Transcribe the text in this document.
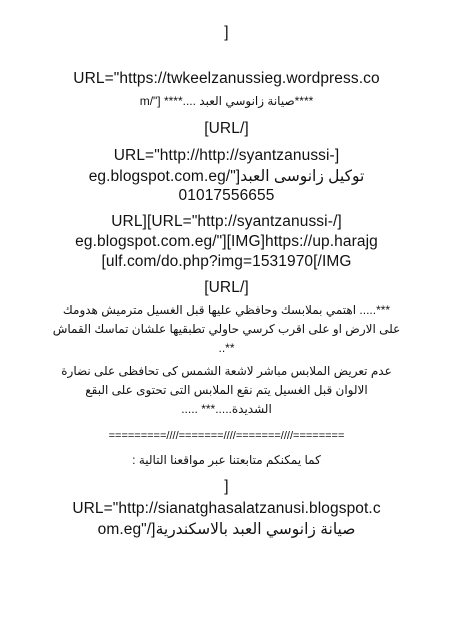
]
URL="https://twkeelzanussieg.wordpress.co
****صيانة زانوسي العبد ....**** ["/m
[URL/]
URL="http://http://syantzanussi-]
eg.blogspot.com.eg/"]توكيل زانوسى العبد
01017556655
URL][URL="http://syantzanussi-/]
eg.blogspot.com.eg/"][IMG]https://up.harajg
[ulf.com/do.php?img=1531970[/IMG
[URL/]
***..... اهتمي بملابسك وحافظي عليها قبل الغسيل مترميش هدومك
على الارض او على اقرب كرسي حاولي تطبقيها علشان تماسك القماش
**..
عدم تعريض الملابس مباشر لاشعة الشمس كى تحافظى على نضارة
الالوان قبل الغسيل يتم نقع الملابس التى تحتوى على البقع
الشديدة.....*** .....
=========////=======////=======////========
كما يمكنكم متابعتنا عبر مواقعنا التالية :
]
URL="http://sianatghasalatzanusi.blogspot.c
om.eg"/]صيانة زانوسي العبد بالاسكندرية
